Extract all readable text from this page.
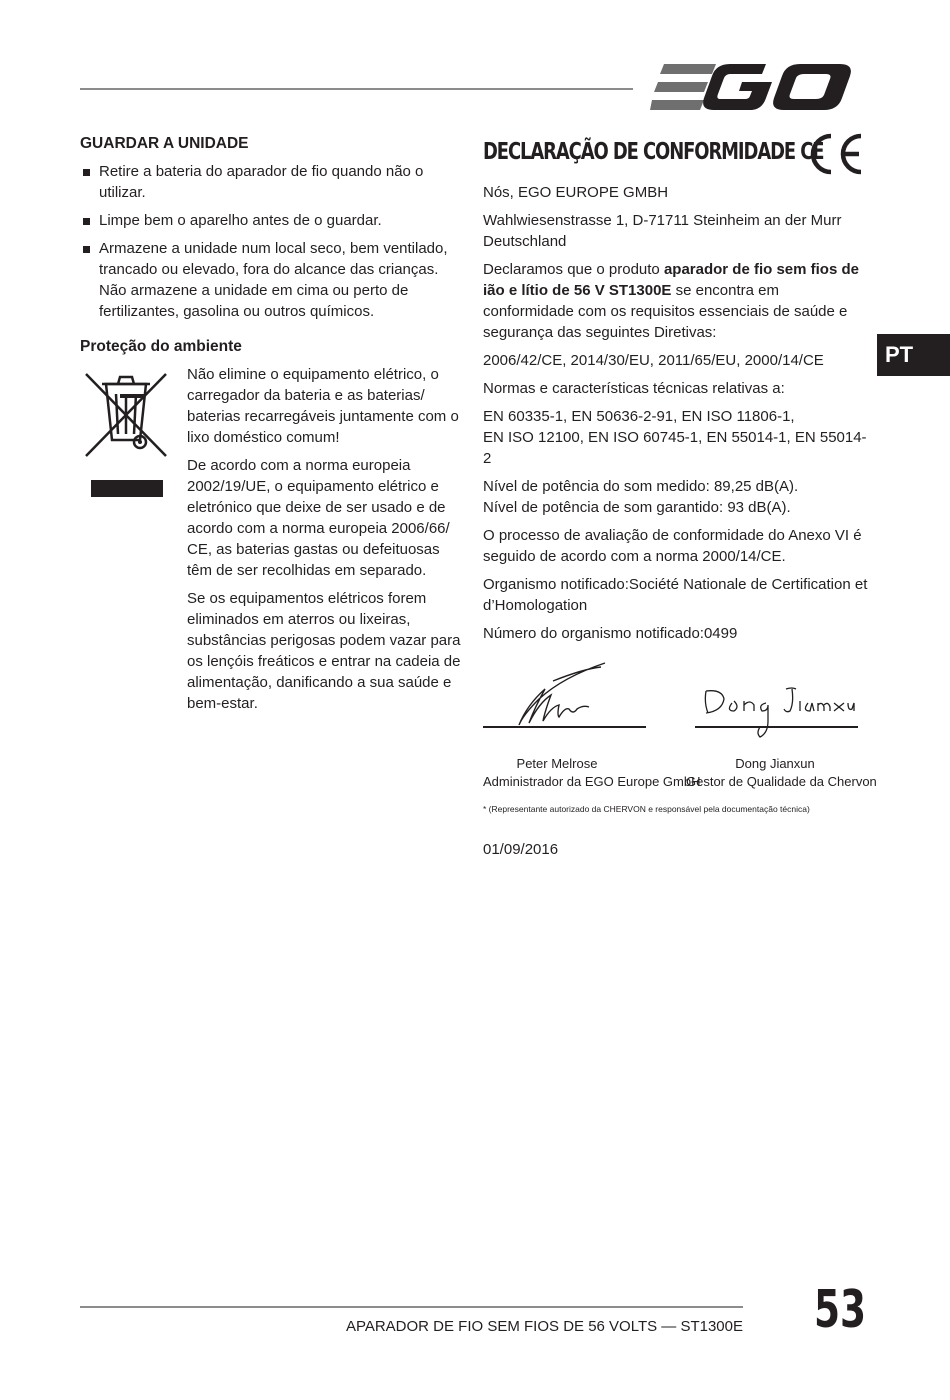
EGO
GUARDAR A UNIDADE
Retire a bateria do aparador de fio quando não o utilizar.
Limpe bem o aparelho antes de o guardar.
Armazene a unidade num local seco, bem ventilado, trancado ou elevado, fora do alcance das crianças. Não armazene a unidade em cima ou perto de fertilizantes, gasolina ou outros químicos.
Proteção do ambiente

Não elimine o equipamento elétrico, o carregador da bateria e as baterias/ baterias recarregáveis juntamente com o lixo doméstico comum!

De acordo com a norma europeia 2002/19/UE, o equipamento elétrico e eletrónico que deixe de ser usado e de acordo com a norma europeia 2006/66/ CE, as baterias gastas ou defeituosas têm de ser recolhidas em separado.

Se os equipamentos elétricos forem eliminados em aterros ou lixeiras, substâncias perigosas podem vazar para os lençóis freáticos e entrar na cadeia de alimentação, danificando a sua saúde e bem-estar.

DECLARAÇÃO DE CONFORMIDADE CE
CE

Nós, EGO EUROPE GMBH

Wahlwiesenstrasse 1, D-71711 Steinheim an der Murr Deutschland

Declaramos que o produto aparador de fio sem fios de ião e lítio de 56 V ST1300E se encontra em conformidade com os requisitos essenciais de saúde e segurança das seguintes Diretivas:

2006/42/CE, 2014/30/EU, 2011/65/EU, 2000/14/CE

Normas e características técnicas relativas a:

EN 60335-1, EN 50636-2-91, EN ISO 11806-1,
EN ISO 12100, EN ISO 60745-1, EN 55014-1, EN 55014-2

Nível de potência do som medido: 89,25 dB(A).
Nível de potência de som garantido: 93 dB(A).

O processo de avaliação de conformidade do Anexo VI é seguido de acordo com a norma 2000/14/CE.

Organismo notificado:Société Nationale de Certification et d’Homologation

Número do organismo notificado:0499

Peter Melrose
Administrador da EGO Europe GmbH
Dong Jianxun
Gestor de Qualidade da Chervon

* (Representante autorizado da CHERVON e responsável pela documentação técnica)

01/09/2016

PT
APARADOR DE FIO SEM FIOS DE 56 VOLTS — ST1300E 53
